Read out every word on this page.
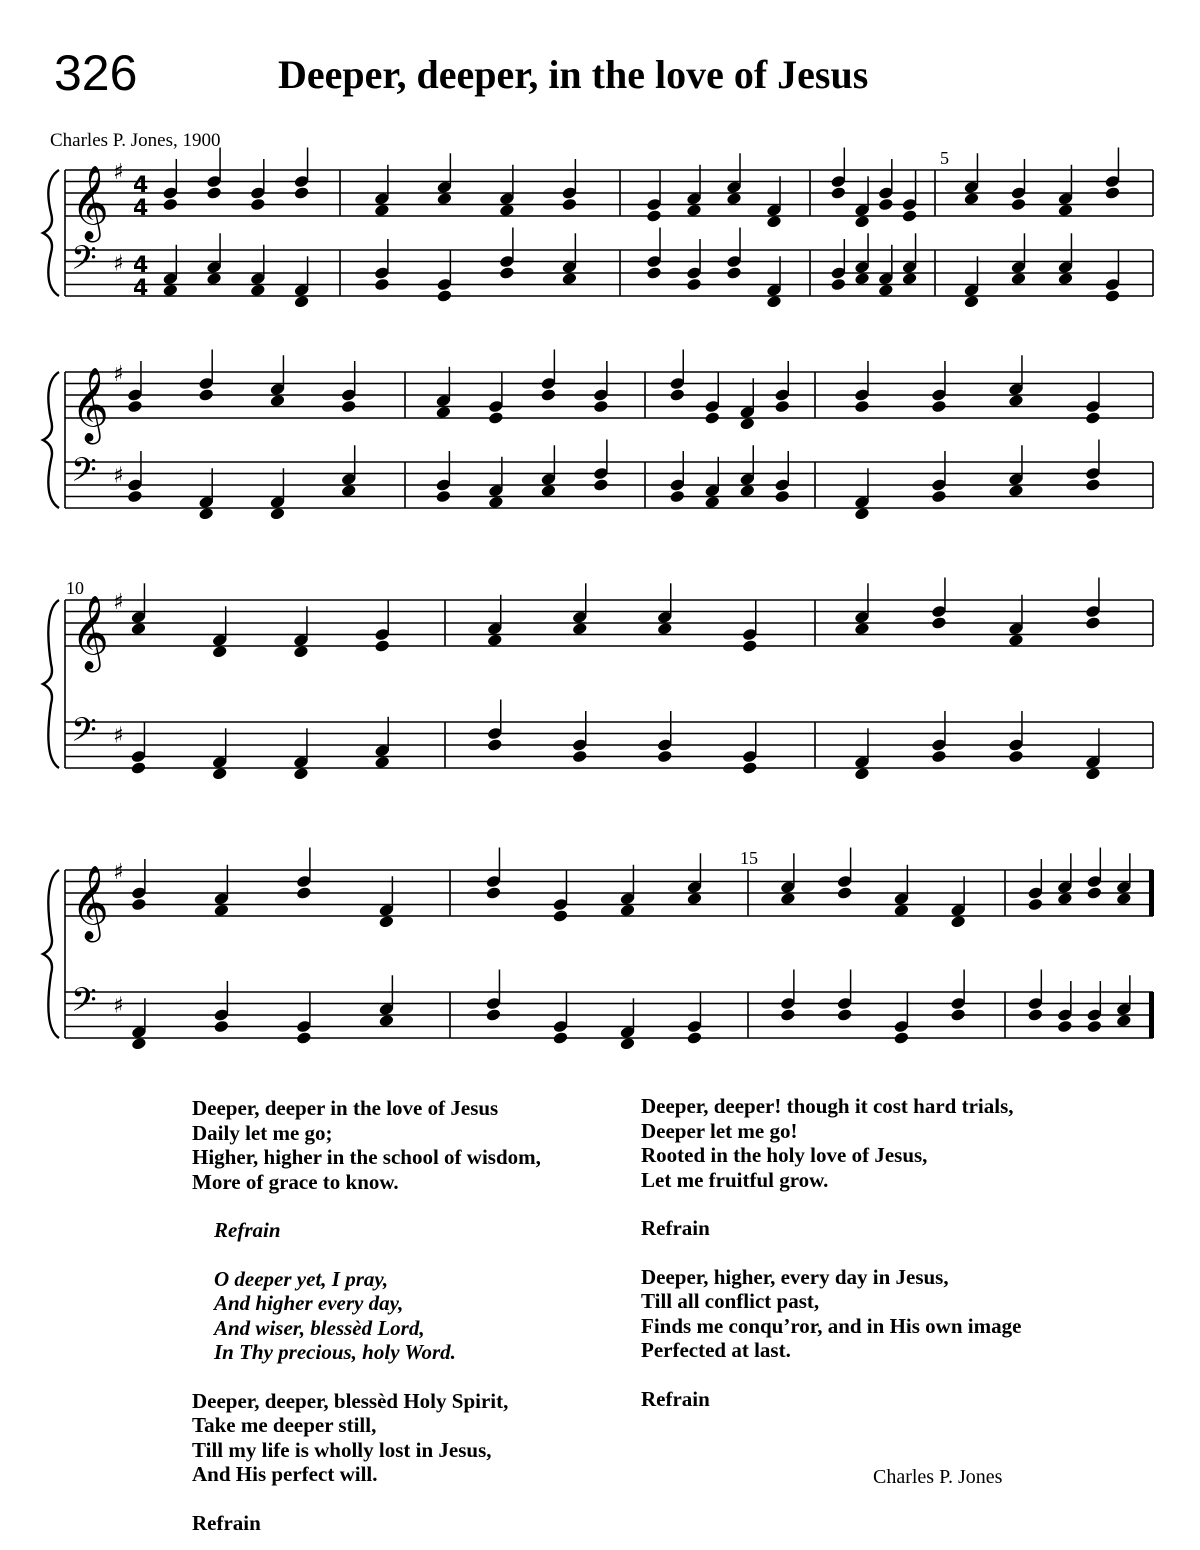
326	Deeper, deeper, in the love of Jesus
Charles P. Jones, 1900
𝄞
𝄢
♯
♯
4
4
4
4
𝄞
𝄢
♯
♯
𝄞
𝄢
♯
♯
𝄞
𝄢
♯
♯
5
10
15

Deeper, deeper in the love of Jesus
Daily let me go;
Higher, higher in the school of wisdom,
More of grace to know.

Refrain

O deeper yet, I pray,
And higher every day,
And wiser, blessèd Lord,
In Thy precious, holy Word.

Deeper, deeper, blessèd Holy Spirit,
Take me deeper still,
Till my life is wholly lost in Jesus,
And His perfect will.

Refrain

Deeper, deeper! though it cost hard trials,
Deeper let me go!
Rooted in the holy love of Jesus,
Let me fruitful grow.

Refrain

Deeper, higher, every day in Jesus,
Till all conflict past,
Finds me conqu’ror, and in His own image
Perfected at last.

Refrain

Charles P. Jones
